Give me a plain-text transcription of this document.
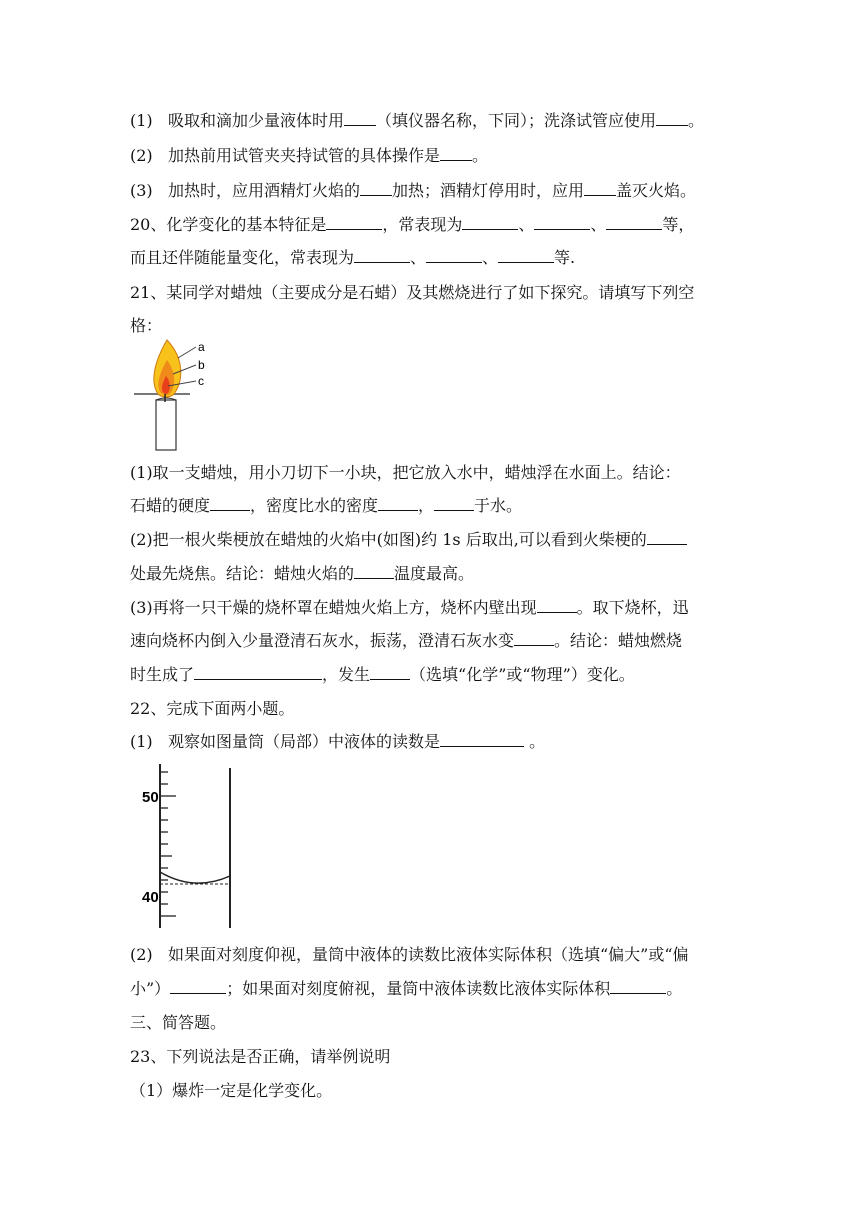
(1) 吸取和滴加少量液体时用 （填仪器名称，下同）；洗涤试管应使用 。
(2) 加热前用试管夹夹持试管的具体操作是 。
(3) 加热时，应用酒精灯火焰的 加热；酒精灯停用时，应用 盖灭火焰。
20、化学变化的基本特征是	，常表现为	、	、	等，
而且还伴随能量变化，常表现为	、	、	等.
21、某同学对蜡烛（主要成分是石蜡）及其燃烧进行了如下探究。请填写下列空
格：
a
b
c
(1)取一支蜡烛，用小刀切下一小块，把它放入水中，蜡烛浮在水面上。结论：
石蜡的硬度	，密度比水的密度	，	于水。
(2)把一根火柴梗放在蜡烛的火焰中(如图)约 1s 后取出,可以看到火柴梗的
处最先烧焦。结论：蜡烛火焰的	温度最高。
(3)再将一只干燥的烧杯罩在蜡烛火焰上方，烧杯内壁出现	。取下烧杯，迅
速向烧杯内倒入少量澄清石灰水，振荡，澄清石灰水变	。结论：蜡烛燃烧
时生成了	，发生	（选填“化学”或“物理”）变化。
22、完成下面两小题。
(1) 观察如图量筒（局部）中液体的读数是	。
50
40
(2) 如果面对刻度仰视，量筒中液体的读数比液体实际体积（选填“偏大”或“偏
小”）	；如果面对刻度俯视，量筒中液体读数比液体实际体积	。
三、简答题。
23、下列说法是否正确，请举例说明
（1）爆炸一定是化学变化。
